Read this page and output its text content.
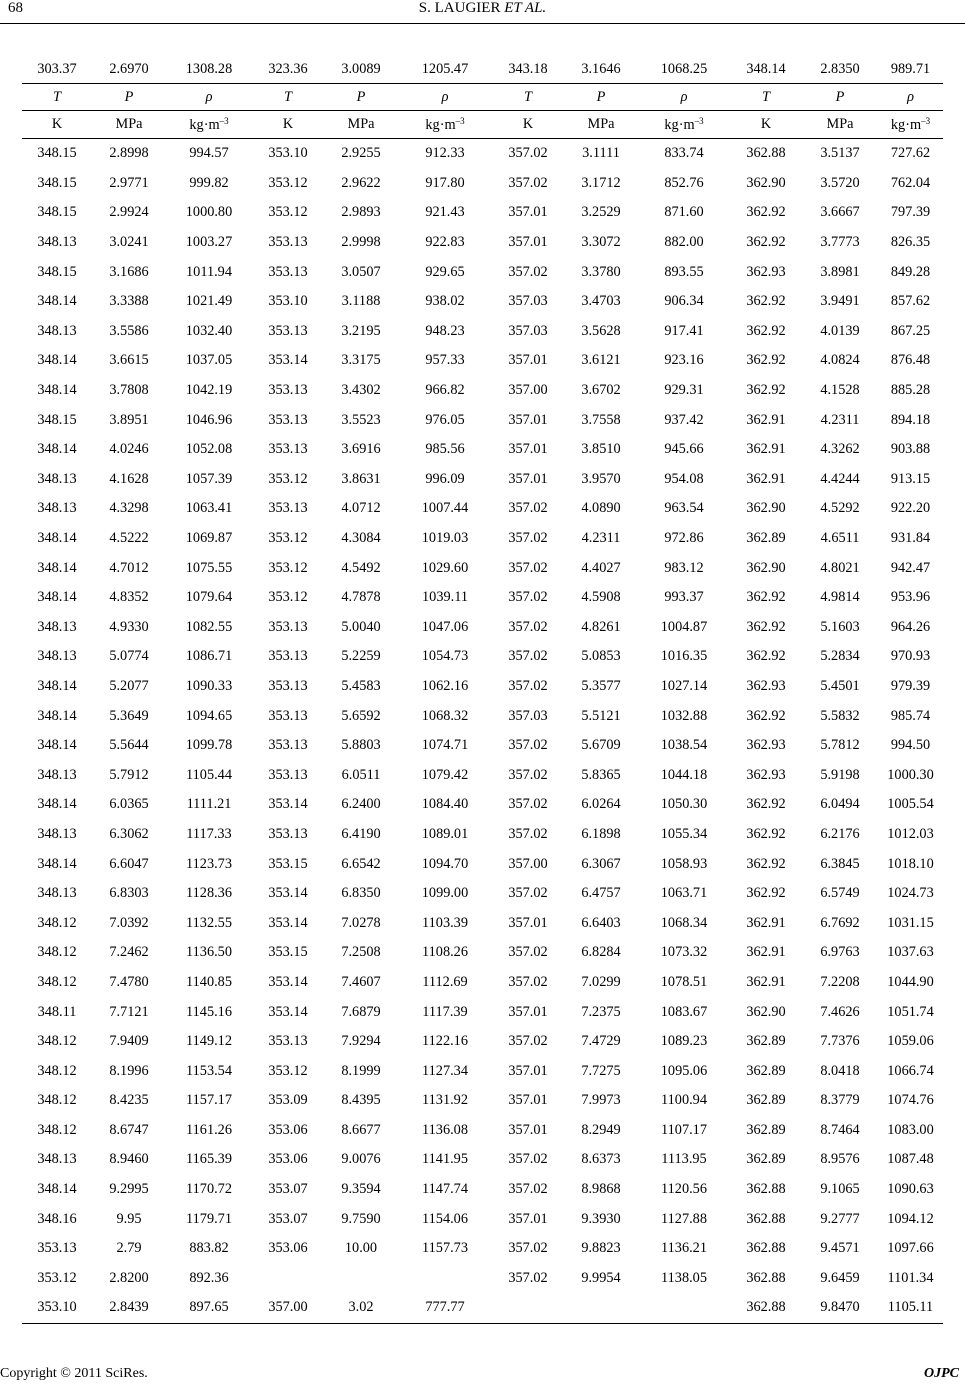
68	S. LAUGIER ET AL.
303.37	2.6970	1308.28	323.36	3.0089	1205.47	343.18	3.1646	1068.25	348.14	2.8350	989.71
T	P	ρ	T	P	ρ	T	P	ρ	T	P	ρ
K	MPa	$kg\cdot m^{-3}$	K	MPa	$kg\cdot m^{-3}$	K	MPa	$kg\cdot m^{-3}$	K	MPa	$kg\cdot m^{-3}$
348.15	2.8998	994.57	353.10	2.9255	912.33	357.02	3.1111	833.74	362.88	3.5137	727.62
348.15	2.9771	999.82	353.12	2.9622	917.80	357.02	3.1712	852.76	362.90	3.5720	762.04
348.15	2.9924	1000.80	353.12	2.9893	921.43	357.01	3.2529	871.60	362.92	3.6667	797.39
348.13	3.0241	1003.27	353.13	2.9998	922.83	357.01	3.3072	882.00	362.92	3.7773	826.35
348.15	3.1686	1011.94	353.13	3.0507	929.65	357.02	3.3780	893.55	362.93	3.8981	849.28
348.14	3.3388	1021.49	353.10	3.1188	938.02	357.03	3.4703	906.34	362.92	3.9491	857.62
348.13	3.5586	1032.40	353.13	3.2195	948.23	357.03	3.5628	917.41	362.92	4.0139	867.25
348.14	3.6615	1037.05	353.14	3.3175	957.33	357.01	3.6121	923.16	362.92	4.0824	876.48
348.14	3.7808	1042.19	353.13	3.4302	966.82	357.00	3.6702	929.31	362.92	4.1528	885.28
348.15	3.8951	1046.96	353.13	3.5523	976.05	357.01	3.7558	937.42	362.91	4.2311	894.18
348.14	4.0246	1052.08	353.13	3.6916	985.56	357.01	3.8510	945.66	362.91	4.3262	903.88
348.13	4.1628	1057.39	353.12	3.8631	996.09	357.01	3.9570	954.08	362.91	4.4244	913.15
348.13	4.3298	1063.41	353.13	4.0712	1007.44	357.02	4.0890	963.54	362.90	4.5292	922.20
348.14	4.5222	1069.87	353.12	4.3084	1019.03	357.02	4.2311	972.86	362.89	4.6511	931.84
348.14	4.7012	1075.55	353.12	4.5492	1029.60	357.02	4.4027	983.12	362.90	4.8021	942.47
348.14	4.8352	1079.64	353.12	4.7878	1039.11	357.02	4.5908	993.37	362.92	4.9814	953.96
348.13	4.9330	1082.55	353.13	5.0040	1047.06	357.02	4.8261	1004.87	362.92	5.1603	964.26
348.13	5.0774	1086.71	353.13	5.2259	1054.73	357.02	5.0853	1016.35	362.92	5.2834	970.93
348.14	5.2077	1090.33	353.13	5.4583	1062.16	357.02	5.3577	1027.14	362.93	5.4501	979.39
348.14	5.3649	1094.65	353.13	5.6592	1068.32	357.03	5.5121	1032.88	362.92	5.5832	985.74
348.14	5.5644	1099.78	353.13	5.8803	1074.71	357.02	5.6709	1038.54	362.93	5.7812	994.50
348.13	5.7912	1105.44	353.13	6.0511	1079.42	357.02	5.8365	1044.18	362.93	5.9198	1000.30
348.14	6.0365	1111.21	353.14	6.2400	1084.40	357.02	6.0264	1050.30	362.92	6.0494	1005.54
348.13	6.3062	1117.33	353.13	6.4190	1089.01	357.02	6.1898	1055.34	362.92	6.2176	1012.03
348.14	6.6047	1123.73	353.15	6.6542	1094.70	357.00	6.3067	1058.93	362.92	6.3845	1018.10
348.13	6.8303	1128.36	353.14	6.8350	1099.00	357.02	6.4757	1063.71	362.92	6.5749	1024.73
348.12	7.0392	1132.55	353.14	7.0278	1103.39	357.01	6.6403	1068.34	362.91	6.7692	1031.15
348.12	7.2462	1136.50	353.15	7.2508	1108.26	357.02	6.8284	1073.32	362.91	6.9763	1037.63
348.12	7.4780	1140.85	353.14	7.4607	1112.69	357.02	7.0299	1078.51	362.91	7.2208	1044.90
348.11	7.7121	1145.16	353.14	7.6879	1117.39	357.01	7.2375	1083.67	362.90	7.4626	1051.74
348.12	7.9409	1149.12	353.13	7.9294	1122.16	357.02	7.4729	1089.23	362.89	7.7376	1059.06
348.12	8.1996	1153.54	353.12	8.1999	1127.34	357.01	7.7275	1095.06	362.89	8.0418	1066.74
348.12	8.4235	1157.17	353.09	8.4395	1131.92	357.01	7.9973	1100.94	362.89	8.3779	1074.76
348.12	8.6747	1161.26	353.06	8.6677	1136.08	357.01	8.2949	1107.17	362.89	8.7464	1083.00
348.13	8.9460	1165.39	353.06	9.0076	1141.95	357.02	8.6373	1113.95	362.89	8.9576	1087.48
348.14	9.2995	1170.72	353.07	9.3594	1147.74	357.02	8.9868	1120.56	362.88	9.1065	1090.63
348.16	9.95	1179.71	353.07	9.7590	1154.06	357.01	9.3930	1127.88	362.88	9.2777	1094.12
353.13	2.79	883.82	353.06	10.00	1157.73	357.02	9.8823	1136.21	362.88	9.4571	1097.66
353.12	2.8200	892.36				357.02	9.9954	1138.05	362.88	9.6459	1101.34
353.10	2.8439	897.65	357.00	3.02	777.77				362.88	9.8470	1105.11
Copyright © 2011 SciRes.	OJPC
